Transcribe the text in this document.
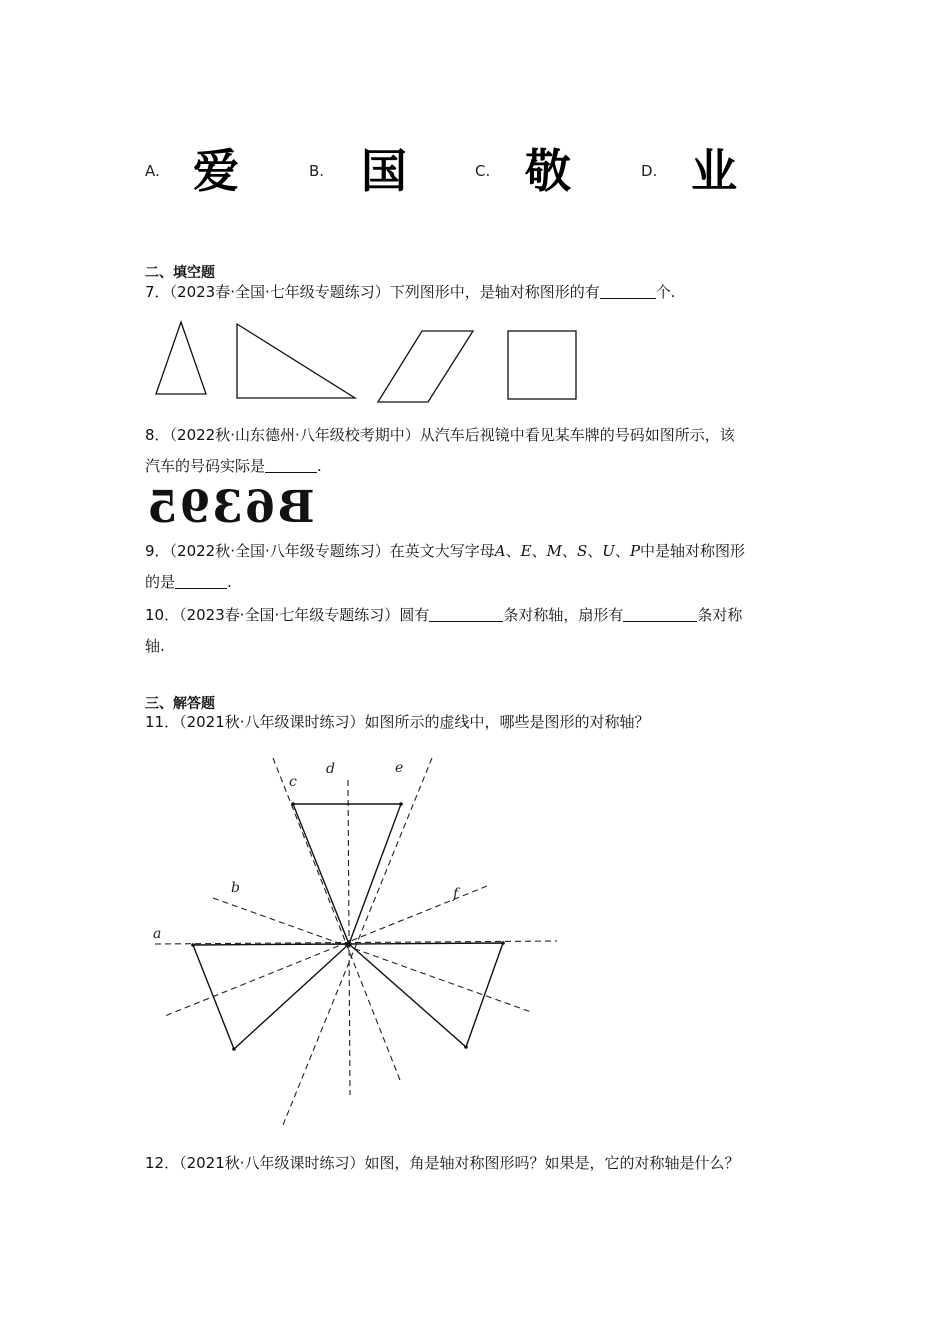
A. 爱	B. 国	C. 敬	D. 业
二、填空题
7．（2023春·全国·七年级专题练习）下列图形中，是轴对称图形的有	个.
8．（2022秋·山东德州·八年级校考期中）从汽车后视镜中看见某车牌的号码如图所示，该
汽车的号码实际是	.
B6395
9．（2022秋·全国·八年级专题练习）在英文大写字母A、E、M、S、U、P中是轴对称图形
的是	.
10．（2023春·全国·七年级专题练习）圆有	条对称轴，扇形有	条对称
轴.
三、解答题
11．（2021秋·八年级课时练习）如图所示的虚线中，哪些是图形的对称轴？
a
b
c
d	e
f
12．（2021秋·八年级课时练习）如图，角是轴对称图形吗？如果是，它的对称轴是什么？
